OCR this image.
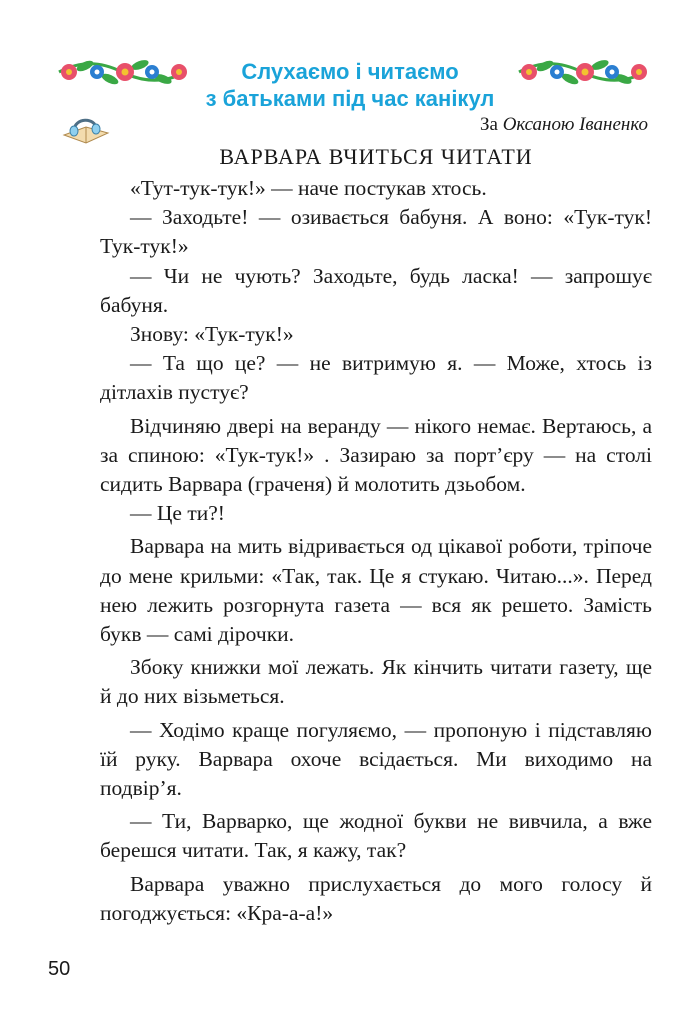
Слухаємо і читаємо
з батьками під час канікул
За Оксаною Іваненко
ВАРВАРА ВЧИТЬСЯ ЧИТАТИ

«Тут-тук-тук!» — наче постукав хтось.

— Заходьте! — озивається бабуня. А воно: «Тук-тук! Тук-тук!»

— Чи не чують? Заходьте, будь ласка! — запрошує бабуня.

Знову: «Тук-тук!»

— Та що це? — не витримую я. — Може, хтось із дітлахів пустує?

Відчиняю двері на веранду — нікого немає. Вертаюсь, а за спиною: «Тук-тук!» . Зазираю за порт’єру — на столі сидить Варвара (граченя) й молотить дзьобом.

— Це ти?!

Варвара на мить відривається од цікавої роботи, тріпоче до мене крильми: «Так, так. Це я стукаю. Читаю...». Перед нею лежить розгорнута газета — вся як решето. Замість букв — самі дірочки.

Збоку книжки мої лежать. Як кінчить читати газету, ще й до них візьметься.

— Ходімо краще погуляємо, — пропоную і підставляю їй руку. Варвара охоче всідається. Ми виходимо на подвір’я.

— Ти, Варварко, ще жодної букви не вивчила, а вже берешся читати. Так, я кажу, так?

Варвара уважно прислухається до мого голосу й погоджується: «Кра-а-а!»

50
